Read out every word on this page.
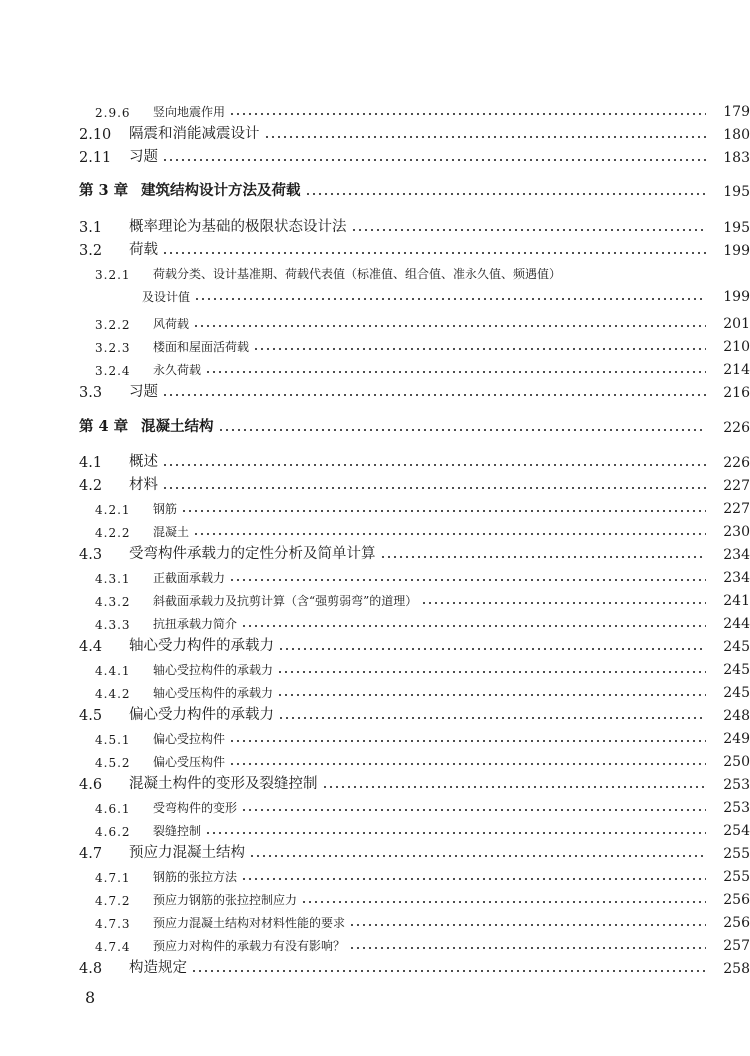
2.9.6	竖向地震作用	179
2.10	隔震和消能减震设计	180
2.11	习题	183
第 3 章 建筑结构设计方法及荷载	195
3.1	概率理论为基础的极限状态设计法	195
3.2	荷载	199
3.2.1	荷载分类、设计基准期、荷载代表值（标准值、组合值、准永久值、频遇值）
及设计值	199
3.2.2	风荷载	201
3.2.3	楼面和屋面活荷载	210
3.2.4	永久荷载	214
3.3	习题	216
第 4 章 混凝土结构	226
4.1	概述	226
4.2	材料	227
4.2.1	钢筋	227
4.2.2	混凝土	230
4.3	受弯构件承载力的定性分析及简单计算	234
4.3.1	正截面承载力	234
4.3.2	斜截面承载力及抗剪计算（含“强剪弱弯”的道理）	241
4.3.3	抗扭承载力简介	244
4.4	轴心受力构件的承载力	245
4.4.1	轴心受拉构件的承载力	245
4.4.2	轴心受压构件的承载力	245
4.5	偏心受力构件的承载力	248
4.5.1	偏心受拉构件	249
4.5.2	偏心受压构件	250
4.6	混凝土构件的变形及裂缝控制	253
4.6.1	受弯构件的变形	253
4.6.2	裂缝控制	254
4.7	预应力混凝土结构	255
4.7.1	钢筋的张拉方法	255
4.7.2	预应力钢筋的张拉控制应力	256
4.7.3	预应力混凝土结构对材料性能的要求	256
4.7.4	预应力对构件的承载力有没有影响？	257
4.8	构造规定	258
8
